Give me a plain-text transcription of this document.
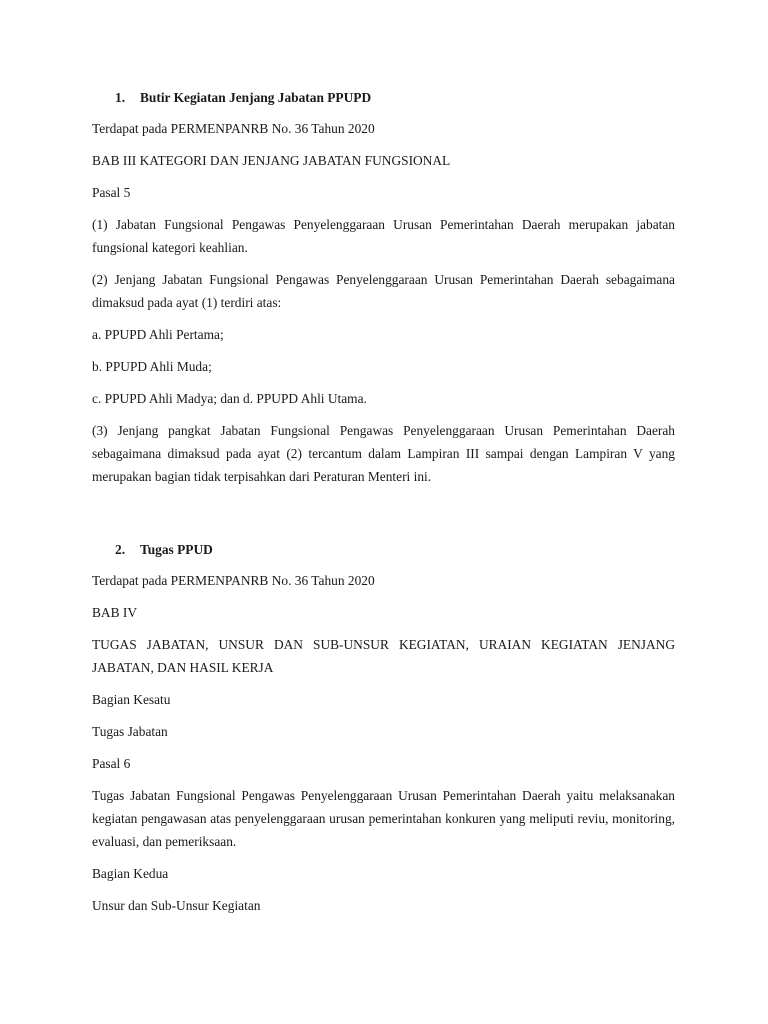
1.	Butir Kegiatan Jenjang Jabatan PPUPD

Terdapat pada PERMENPANRB No. 36 Tahun 2020

BAB III KATEGORI DAN JENJANG JABATAN FUNGSIONAL

Pasal 5

(1) Jabatan Fungsional Pengawas Penyelenggaraan Urusan Pemerintahan Daerah merupakan jabatan fungsional kategori keahlian.

(2) Jenjang Jabatan Fungsional Pengawas Penyelenggaraan Urusan Pemerintahan Daerah sebagaimana dimaksud pada ayat (1) terdiri atas:

a. PPUPD Ahli Pertama;

b. PPUPD Ahli Muda;

c. PPUPD Ahli Madya; dan d. PPUPD Ahli Utama.

(3) Jenjang pangkat Jabatan Fungsional Pengawas Penyelenggaraan Urusan Pemerintahan Daerah sebagaimana dimaksud pada ayat (2) tercantum dalam Lampiran III sampai dengan Lampiran V yang merupakan bagian tidak terpisahkan dari Peraturan Menteri ini.

2.	Tugas PPUD

Terdapat pada PERMENPANRB No. 36 Tahun 2020

BAB IV

TUGAS JABATAN, UNSUR DAN SUB-UNSUR KEGIATAN, URAIAN KEGIATAN JENJANG JABATAN, DAN HASIL KERJA

Bagian Kesatu

Tugas Jabatan

Pasal 6

Tugas Jabatan Fungsional Pengawas Penyelenggaraan Urusan Pemerintahan Daerah yaitu melaksanakan kegiatan pengawasan atas penyelenggaraan urusan pemerintahan konkuren yang meliputi reviu, monitoring, evaluasi, dan pemeriksaan.

Bagian Kedua

Unsur dan Sub-Unsur Kegiatan
